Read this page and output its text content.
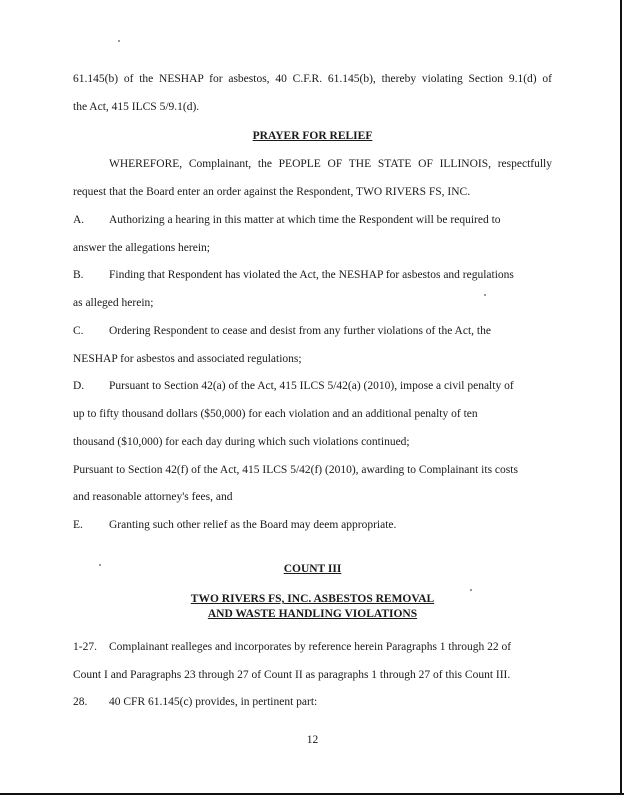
61.145(b) of the NESHAP for asbestos, 40 C.F.R. 61.145(b), thereby violating Section 9.1(d) of
the Act, 415 ILCS 5/9.1(d).
PRAYER FOR RELIEF
WHEREFORE, Complainant, the PEOPLE OF THE STATE OF ILLINOIS, respectfully
request that the Board enter an order against the Respondent, TWO RIVERS FS, INC.
A. Authorizing a hearing in this matter at which time the Respondent will be required to
answer the allegations herein;
B. Finding that Respondent has violated the Act, the NESHAP for asbestos and regulations
as alleged herein;
C. Ordering Respondent to cease and desist from any further violations of the Act, the
NESHAP for asbestos and associated regulations;
D. Pursuant to Section 42(a) of the Act, 415 ILCS 5/42(a) (2010), impose a civil penalty of
up to fifty thousand dollars ($50,000) for each violation and an additional penalty of ten
thousand ($10,000) for each day during which such violations continued;
Pursuant to Section 42(f) of the Act, 415 ILCS 5/42(f) (2010), awarding to Complainant its costs
and reasonable attorney's fees, and
E. Granting such other relief as the Board may deem appropriate.
COUNT III
TWO RIVERS FS, INC. ASBESTOS REMOVAL
AND WASTE HANDLING VIOLATIONS
1-27. Complainant realleges and incorporates by reference herein Paragraphs 1 through 22 of
Count I and Paragraphs 23 through 27 of Count II as paragraphs 1 through 27 of this Count III.
28. 40 CFR 61.145(c) provides, in pertinent part:
12
